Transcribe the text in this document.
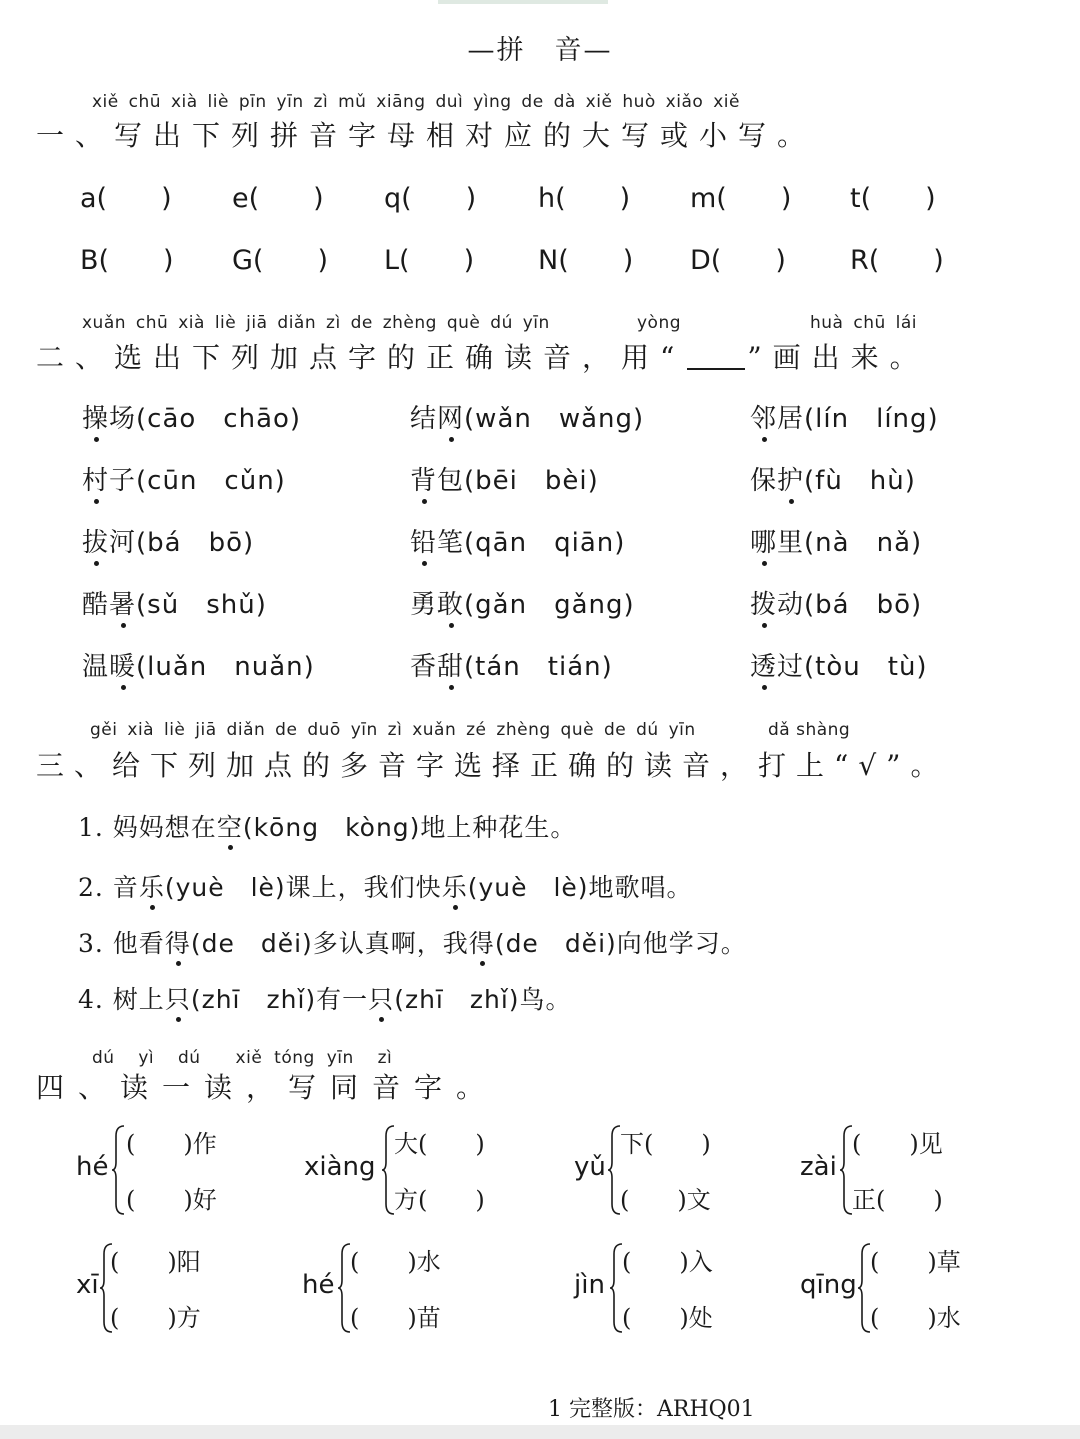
—拼　音—
xiě chū xià liè pīn yīn zì mǔ xiāng duì yìng de dà xiě huò xiǎo xiě
一、写出下列拼音字母相对应的大写或小写。
a(　　) e(　　) q(　　) h(　　) m(　　) t(　　)
B(　　) G(　　) L(　　) N(　　) D(　　) R(　　)
xuǎn chū xià liè jiā diǎn zì de zhèng què dú yīn	yòng	huà chū lái
二、选出下列加点字的正确读音，用“ ”画出来。
操场(cāo　chāo)	结网(wǎn　wǎng)	邻居(lín　líng)
村子(cūn　cǔn)	背包(bēi　bèi)	保护(fù　hù)
拔河(bá　bō)	铅笔(qān　qiān)	哪里(nà　nǎ)
酷暑(sǔ　shǔ)	勇敢(gǎn　gǎng)	拨动(bá　bō)
温暖(luǎn　nuǎn)	香甜(tán　tián)	透过(tòu　tù)
gěi xià liè jiā diǎn de duō yīn zì xuǎn zé zhèng què de dú yīn	dǎ shàng
三、给下列加点的多音字选择正确的读音，打上“√”。
1. 妈妈想在空(kōng　kòng)地上种花生。
2. 音乐(yuè　lè)课上，我们快乐(yuè　lè)地歌唱。
3. 他看得(de　děi)多认真啊，我得(de　děi)向他学习。
4. 树上只(zhī　zhǐ)有一只(zhī　zhǐ)鸟。
dú  yì  dú　　xiě tóng yīn  zì
四、读一读，写同音字。
hé
(　　)作
(　　)好
xiàng
大(　　)
方(　　)
yǔ
下(　　)
(　　)文
zài
(　　)见
正(　　)
xī
(　　)阳
(　　)方
hé
(　　)水
(　　)苗
jìn
(　　)入
(　　)处
qīng
(　　)草
(　　)水
1 完整版：ARHQ01
